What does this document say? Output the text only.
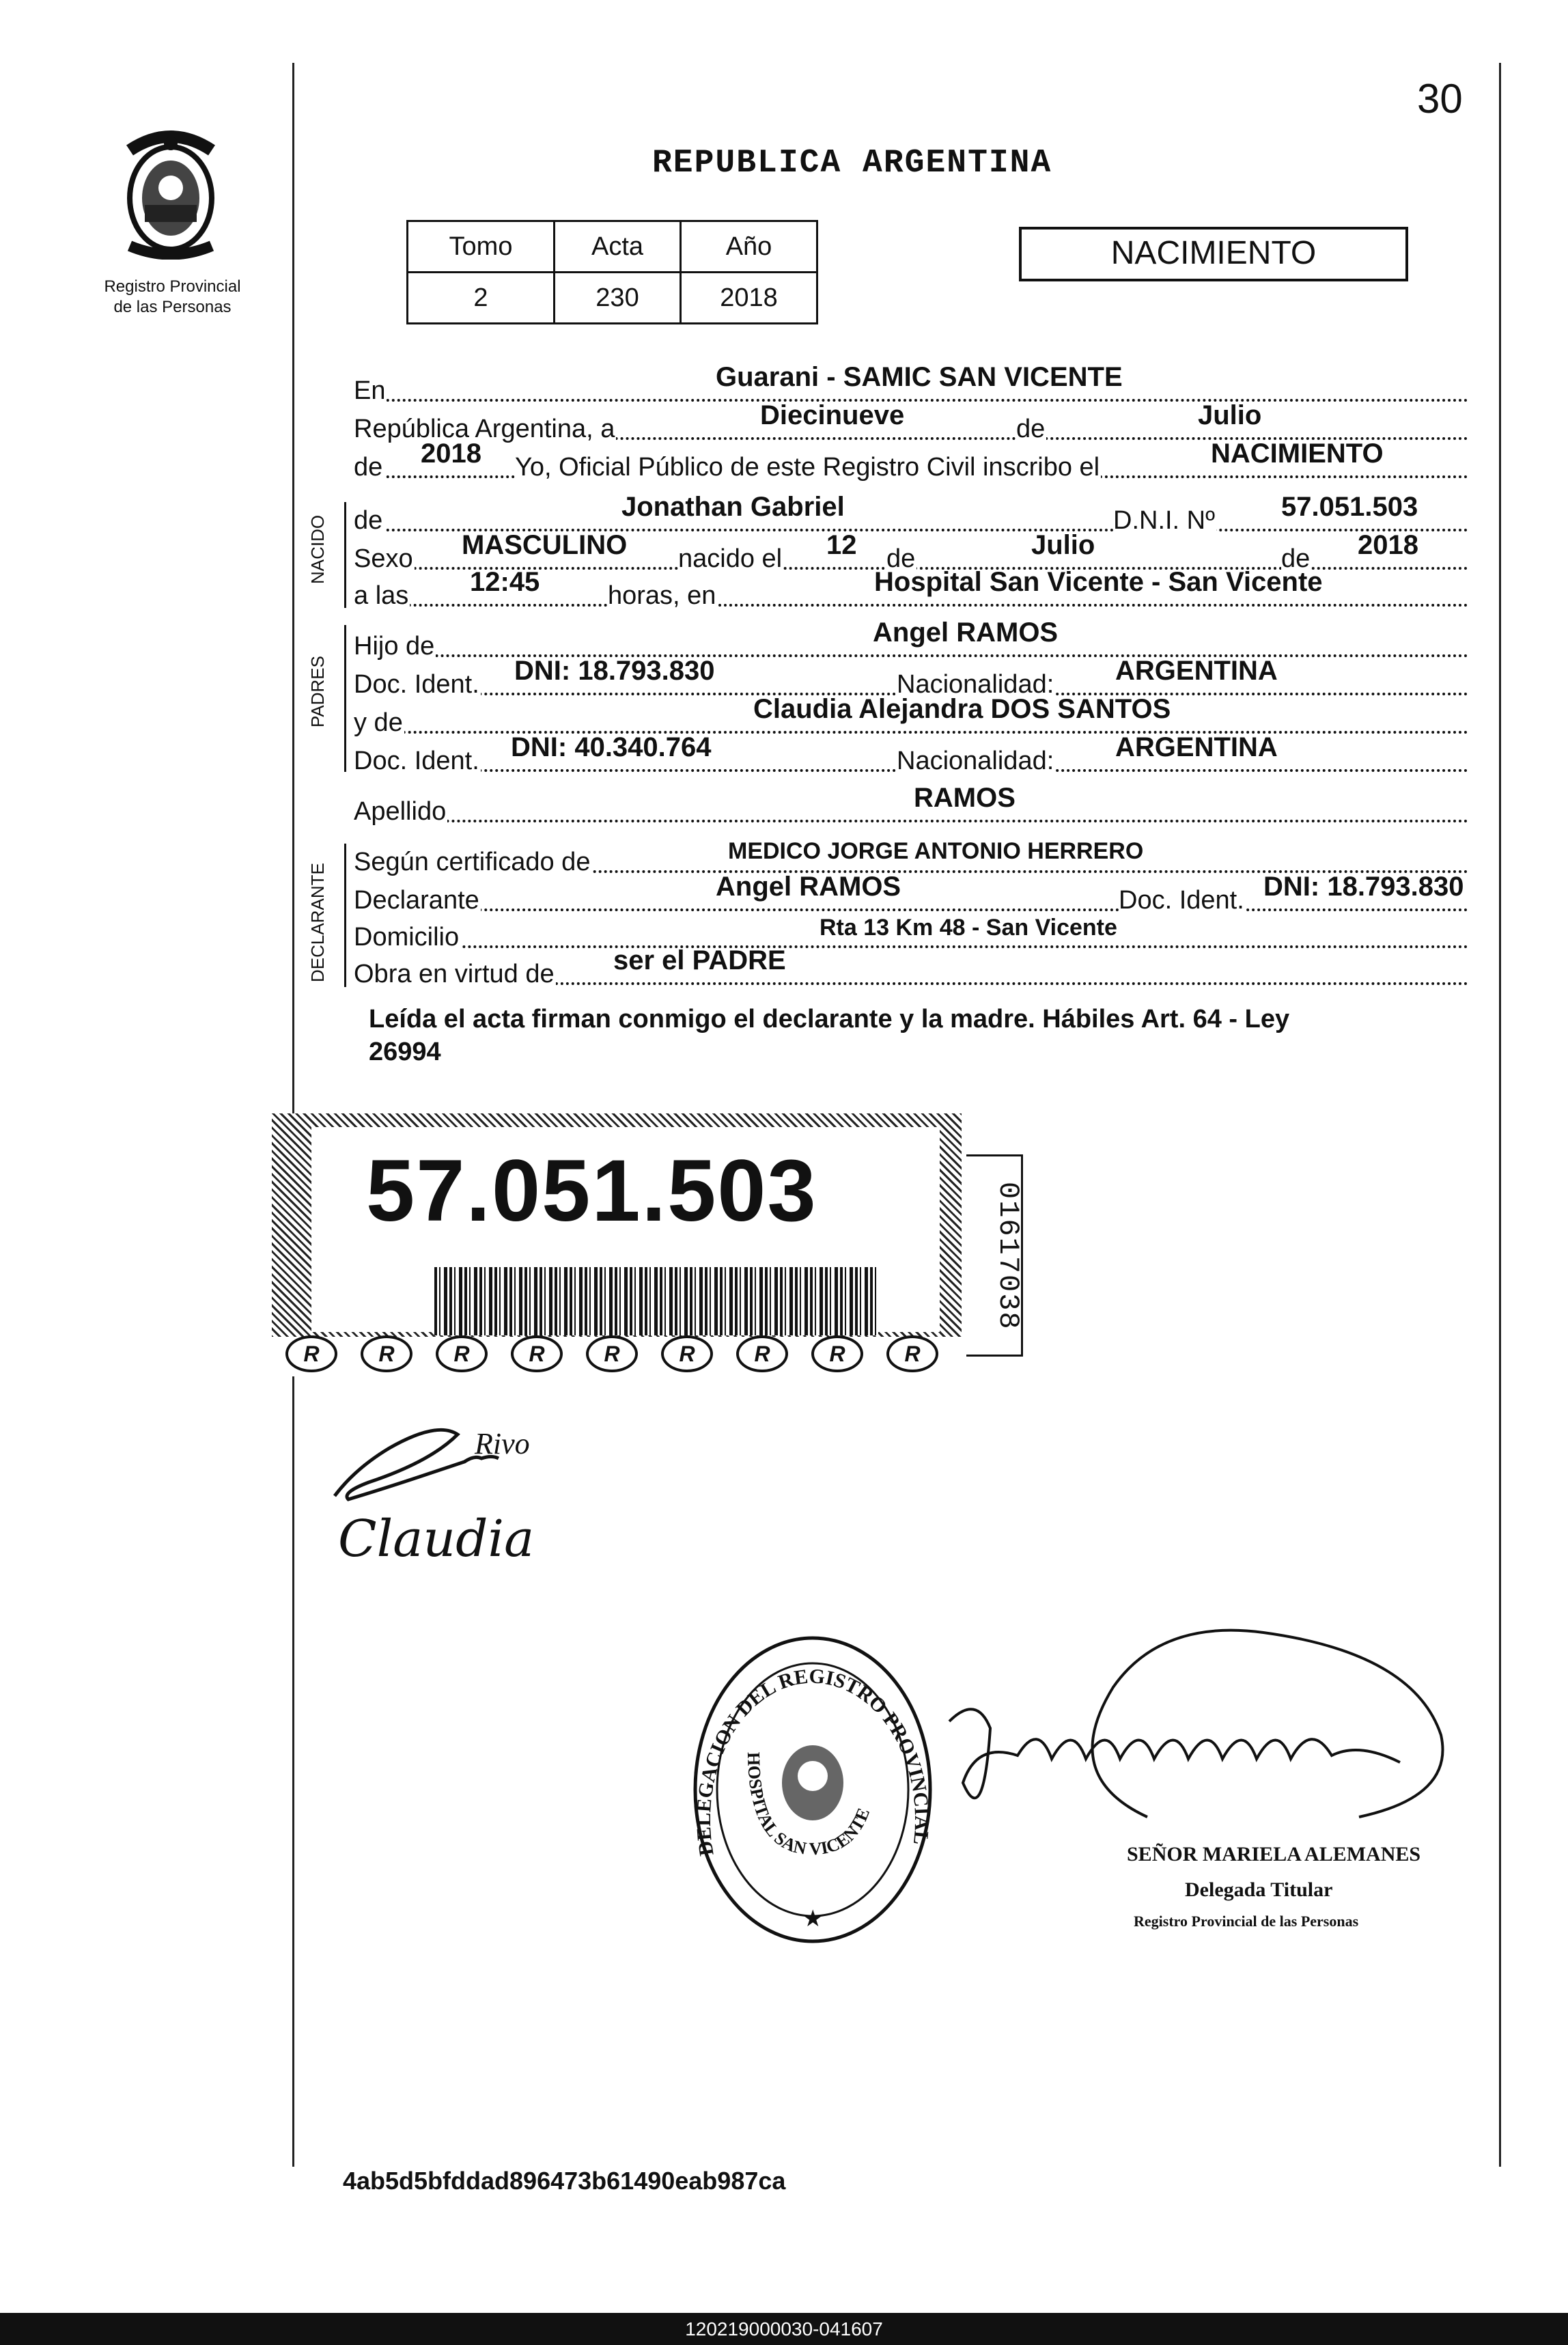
30
Registro Provincial
de las Personas
REPUBLICA ARGENTINA
Tomo	Acta	Año
2	230	2018
NACIMIENTO
En	Guarani - SAMIC SAN VICENTE
República Argentina, a	Diecinueve	de	Julio
de 2018 Yo, Oficial Público de este Registro Civil inscribo el	NACIMIENTO
NACIDO de	Jonathan Gabriel	D.N.I. Nº 57.051.503
Sexo MASCULINO nacido el 12 de	Julio	de 2018
a las 12:45	horas, en	Hospital San Vicente - San Vicente
PADRES
Hijo de	Angel RAMOS
Doc. Ident. DNI: 18.793.830	Nacionalidad: ARGENTINA
y de	Claudia Alejandra DOS SANTOS
Doc. Ident. DNI: 40.340.764	Nacionalidad: ARGENTINA
Apellido	RAMOS
DECLARANTE
Según certificado de	MEDICO JORGE ANTONIO HERRERO
Declarante	Angel RAMOS	Doc. Ident. DNI: 18.793.830
Domicilio	Rta 13 Km 48 - San Vicente
Obra en virtud de ser el PADRE
Leída el acta firman conmigo el declarante y la madre. Hábiles Art. 64 - Ley
26994
57.051.503
R	R	R	R	R	R	R	R	R
01617038
Rivo
Claudia
DELEGACION DEL REGISTRO PROVINCIAL
HOSPITAL SAN VICENTE
★
SEÑOR MARIELA ALEMANES
Delegada Titular
Registro Provincial de las Personas
4ab5d5bfddad896473b61490eab987ca
120219000030-041607
